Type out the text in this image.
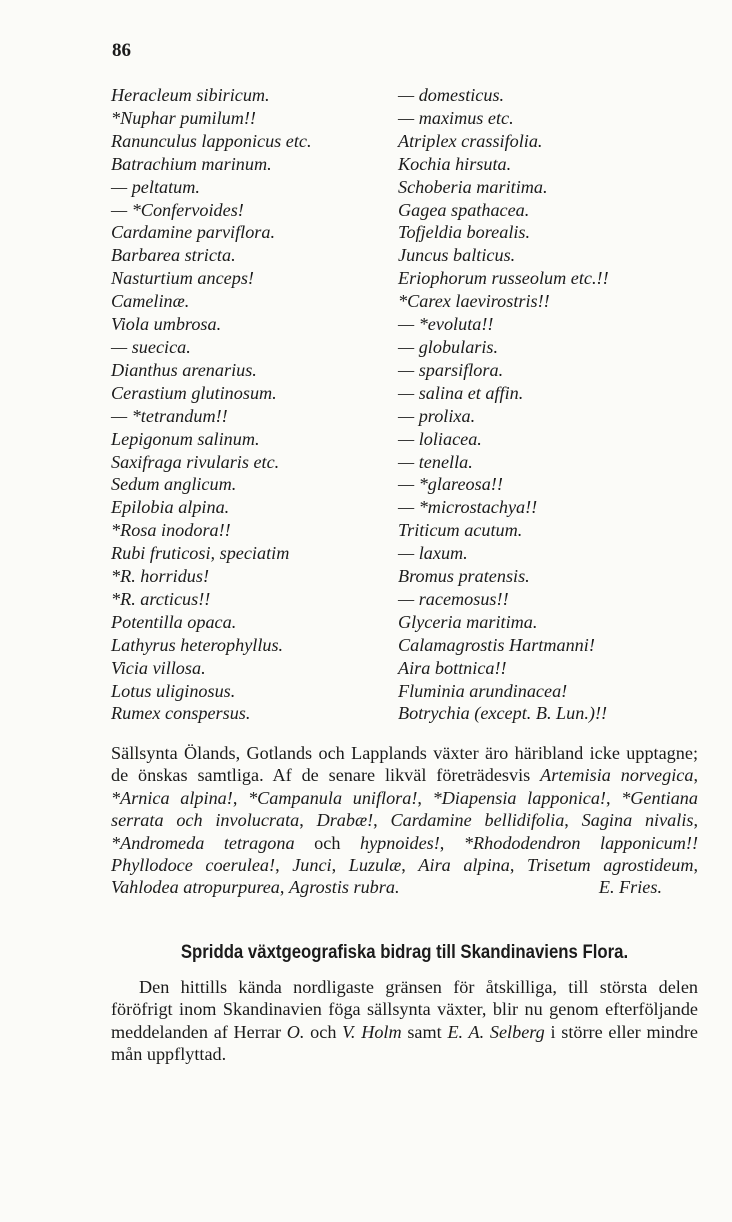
86
Heracleum sibiricum.
*Nuphar pumilum!!
Ranunculus lapponicus etc.
Batrachium marinum.
— peltatum.
— *Confervoides!
Cardamine parviflora.
Barbarea stricta.
Nasturtium anceps!
Camelinæ.
Viola umbrosa.
— suecica.
Dianthus arenarius.
Cerastium glutinosum.
— *tetrandum!!
Lepigonum salinum.
Saxifraga rivularis etc.
Sedum anglicum.
Epilobia alpina.
*Rosa inodora!!
Rubi fruticosi, speciatim
*R. horridus!
*R. arcticus!!
Potentilla opaca.
Lathyrus heterophyllus.
Vicia villosa.
Lotus uliginosus.
Rumex conspersus.
— domesticus.
— maximus etc.
Atriplex crassifolia.
Kochia hirsuta.
Schoberia maritima.
Gagea spathacea.
Tofjeldia borealis.
Juncus balticus.
Eriophorum russeolum etc.!!
*Carex laevirostris!!
— *evoluta!!
— globularis.
— sparsiflora.
— salina et affin.
— prolixa.
— loliacea.
— tenella.
— *glareosa!!
— *microstachya!!
Triticum acutum.
— laxum.
Bromus pratensis.
— racemosus!!
Glyceria maritima.
Calamagrostis Hartmanni!
Aira bottnica!!
Fluminia arundinacea!
Botrychia (except. B. Lun.)!!
Sällsynta Ölands, Gotlands och Lapplands växter äro häribland icke upptagne; de önskas samtliga. Af de senare likväl företrädesvis Artemisia norvegica, *Arnica alpina!, *Campanula uniflora!, *Diapensia lapponica!, *Gentiana serrata och involucrata, Drabæ!, Cardamine bellidifolia, Sagina nivalis, *Andromeda tetragona och hypnoides!, *Rhododendron lapponicum!! Phyllodoce coerulea!, Junci, Luzulæ, Aira alpina, Trisetum agrostideum, Vahlodea atropurpurea, Agrostis rubra.	E. Fries.
Spridda växtgeografiska bidrag till Skandinaviens Flora.
Den hittills kända nordligaste gränsen för åtskilliga, till största delen föröfrigt inom Skandinavien föga sällsynta växter, blir nu genom efterföljande meddelanden af Herrar O. och V. Holm samt E. A. Selberg i större eller mindre mån uppflyttad.
